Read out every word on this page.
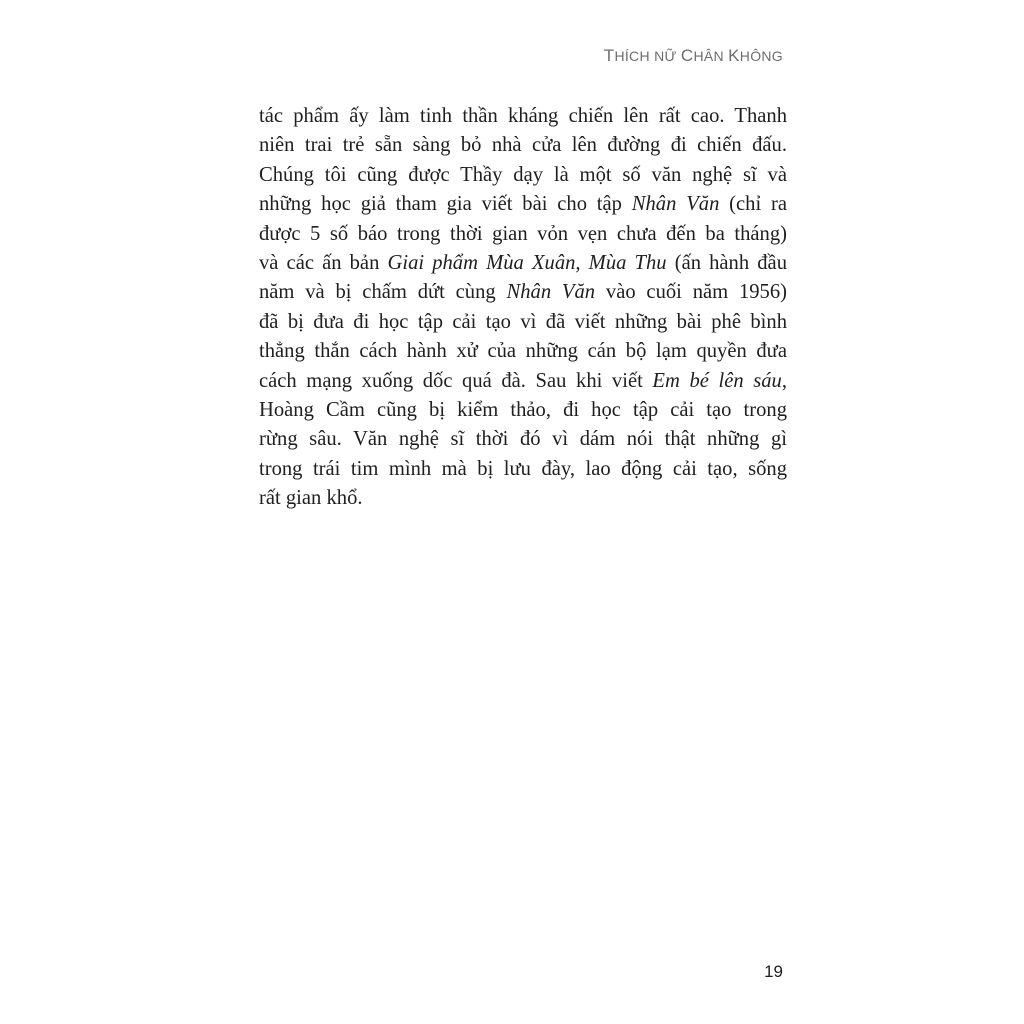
THÍCH NỮ CHÂN KHÔNG
tác phẩm ấy làm tinh thần kháng chiến lên rất cao. Thanh
niên trai trẻ sẵn sàng bỏ nhà cửa lên đường đi chiến đấu.
Chúng tôi cũng được Thầy dạy là một số văn nghệ sĩ và
những học giả tham gia viết bài cho tập Nhân Văn (chỉ ra
được 5 số báo trong thời gian vỏn vẹn chưa đến ba tháng)
và các ấn bản Giai phẩm Mùa Xuân, Mùa Thu (ấn hành đầu
năm và bị chấm dứt cùng Nhân Văn vào cuối năm 1956)
đã bị đưa đi học tập cải tạo vì đã viết những bài phê bình
thẳng thắn cách hành xử của những cán bộ lạm quyền đưa
cách mạng xuống dốc quá đà. Sau khi viết Em bé lên sáu,
Hoàng Cầm cũng bị kiểm thảo, đi học tập cải tạo trong
rừng sâu. Văn nghệ sĩ thời đó vì dám nói thật những gì
trong trái tim mình mà bị lưu đày, lao động cải tạo, sống
rất gian khổ.
19
